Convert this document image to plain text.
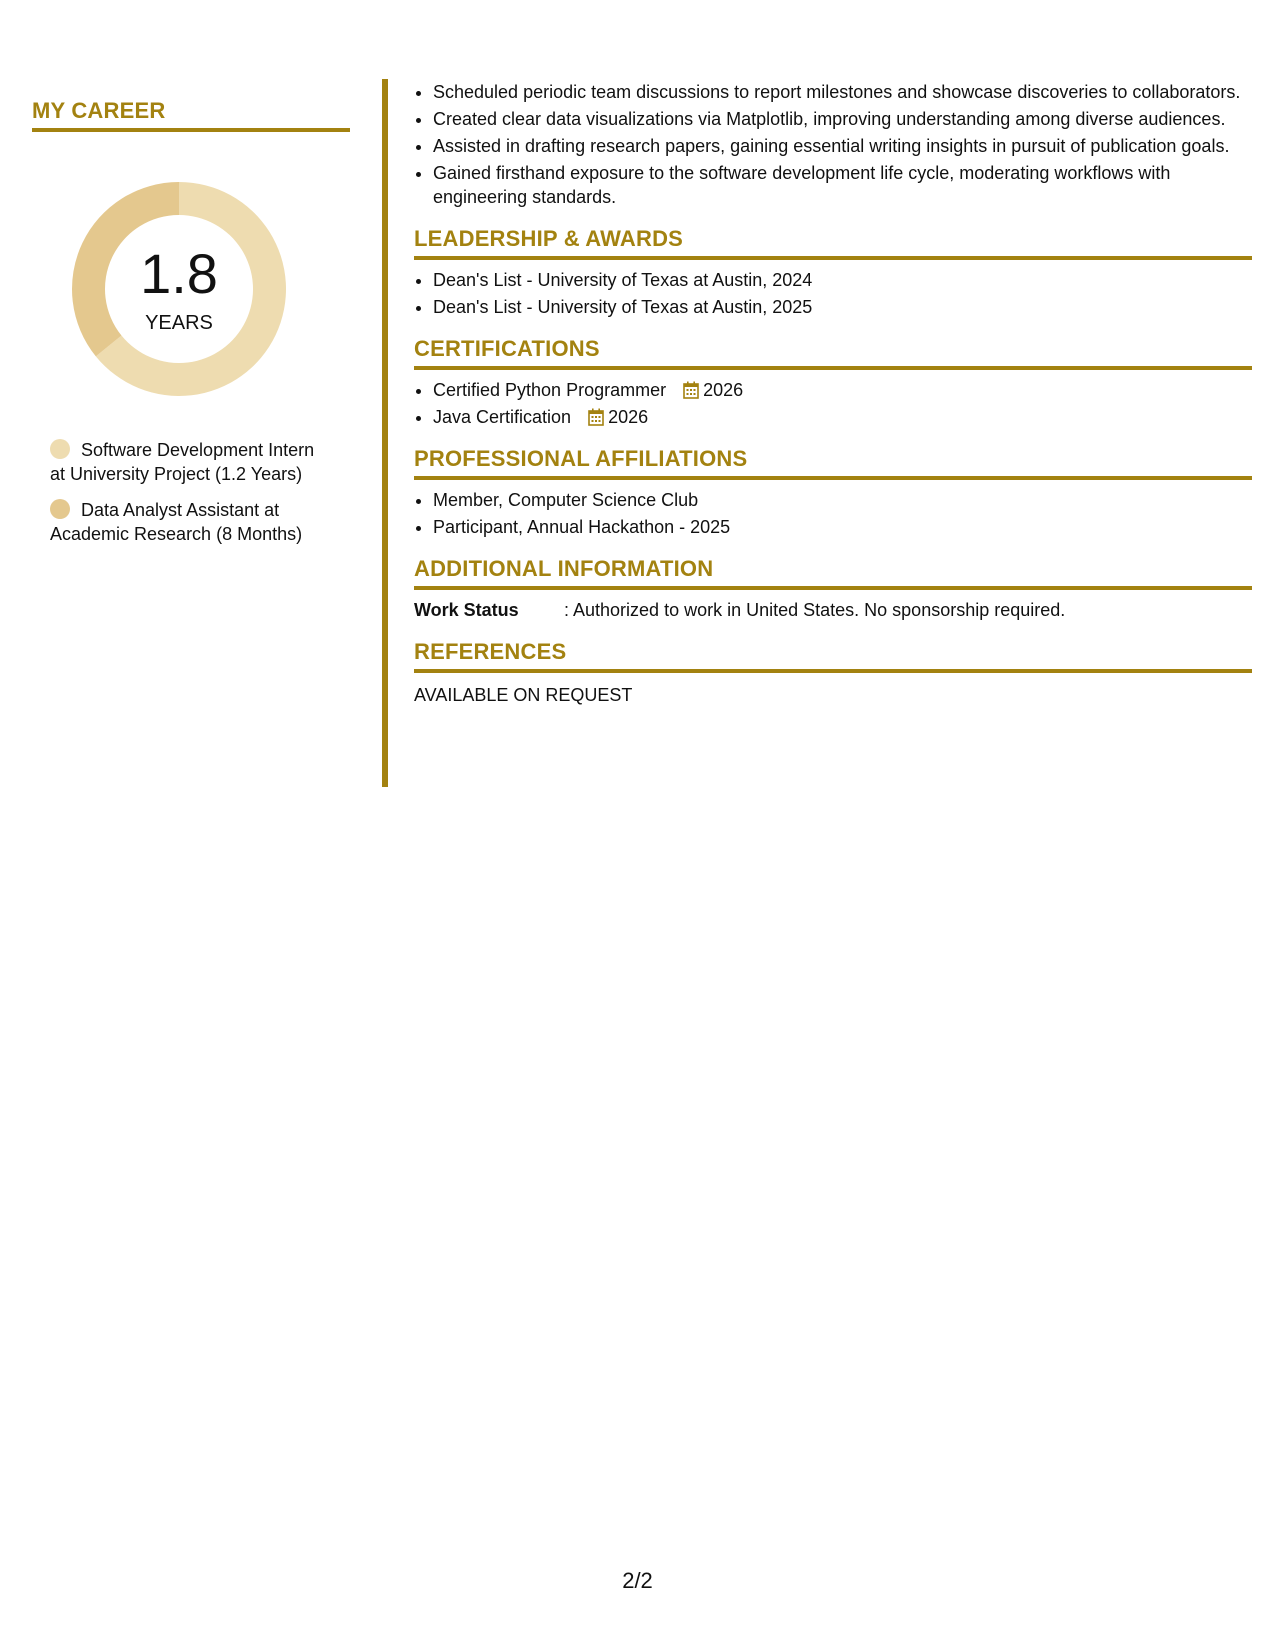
MY CAREER
1.8
YEARS
Software Development Intern at University Project (1.2 Years)
Data Analyst Assistant at Academic Research (8 Months)
• Scheduled periodic team discussions to report milestones and showcase discoveries to collaborators.
• Created clear data visualizations via Matplotlib, improving understanding among diverse audiences.
• Assisted in drafting research papers, gaining essential writing insights in pursuit of publication goals.
• Gained firsthand exposure to the software development life cycle, moderating workflows with engineering standards.
LEADERSHIP & AWARDS
• Dean's List - University of Texas at Austin, 2024
• Dean's List - University of Texas at Austin, 2025
CERTIFICATIONS
• Certified Python Programmer 2026
• Java Certification 2026
PROFESSIONAL AFFILIATIONS
• Member, Computer Science Club
• Participant, Annual Hackathon - 2025
ADDITIONAL INFORMATION
Work Status	: Authorized to work in United States. No sponsorship required.
REFERENCES
AVAILABLE ON REQUEST
2/2
